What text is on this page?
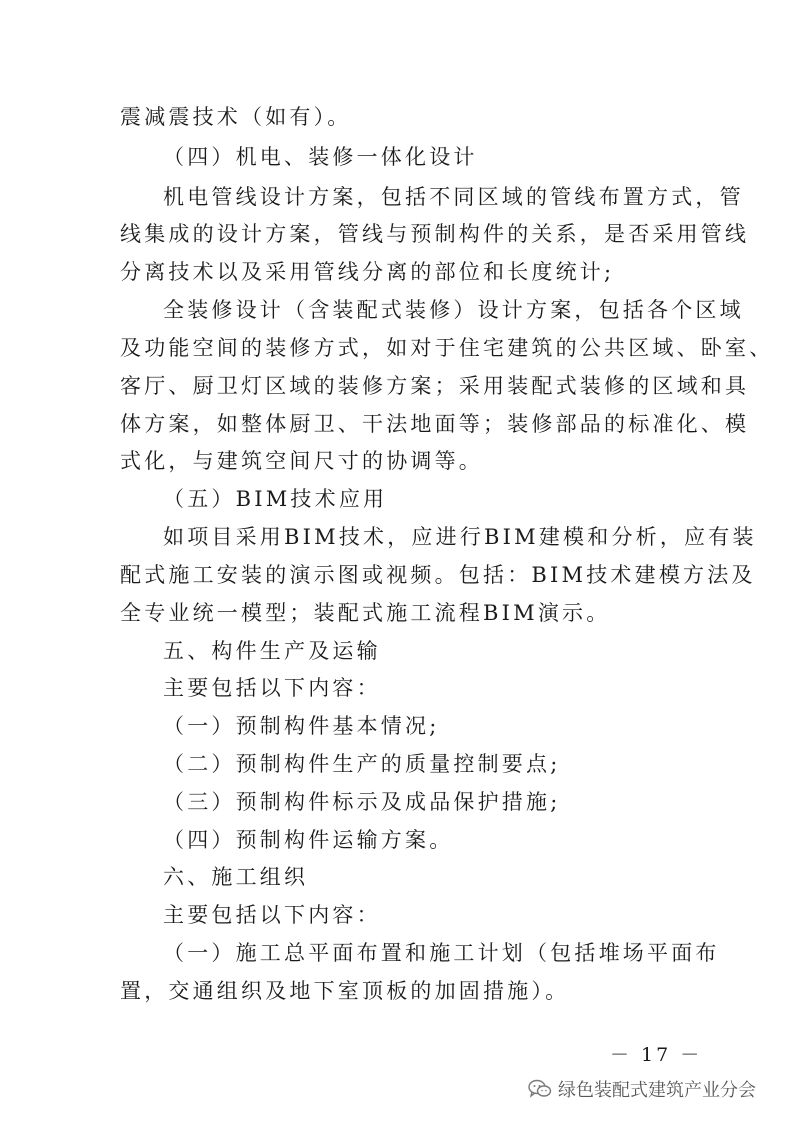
震减震技术（如有）。
（四）机电、装修一体化设计
机电管线设计方案，包括不同区域的管线布置方式，管
线集成的设计方案，管线与预制构件的关系，是否采用管线
分离技术以及采用管线分离的部位和长度统计;
全装修设计（含装配式装修）设计方案，包括各个区域
及功能空间的装修方式，如对于住宅建筑的公共区域、卧室、
客厅、厨卫灯区域的装修方案；采用装配式装修的区域和具
体方案，如整体厨卫、干法地面等；装修部品的标准化、模
式化，与建筑空间尺寸的协调等。
（五）BIM技术应用
如项目采用BIM技术，应进行BIM建模和分析，应有装
配式施工安装的演示图或视频。包括：BIM技术建模方法及
全专业统一模型；装配式施工流程BIM演示。
五、构件生产及运输
主要包括以下内容：
（一）预制构件基本情况;
（二）预制构件生产的质量控制要点;
（三）预制构件标示及成品保护措施;
（四）预制构件运输方案。
六、施工组织
主要包括以下内容：
（一）施工总平面布置和施工计划（包括堆场平面布
置，交通组织及地下室顶板的加固措施）。
－ 17 －
绿色装配式建筑产业分会
